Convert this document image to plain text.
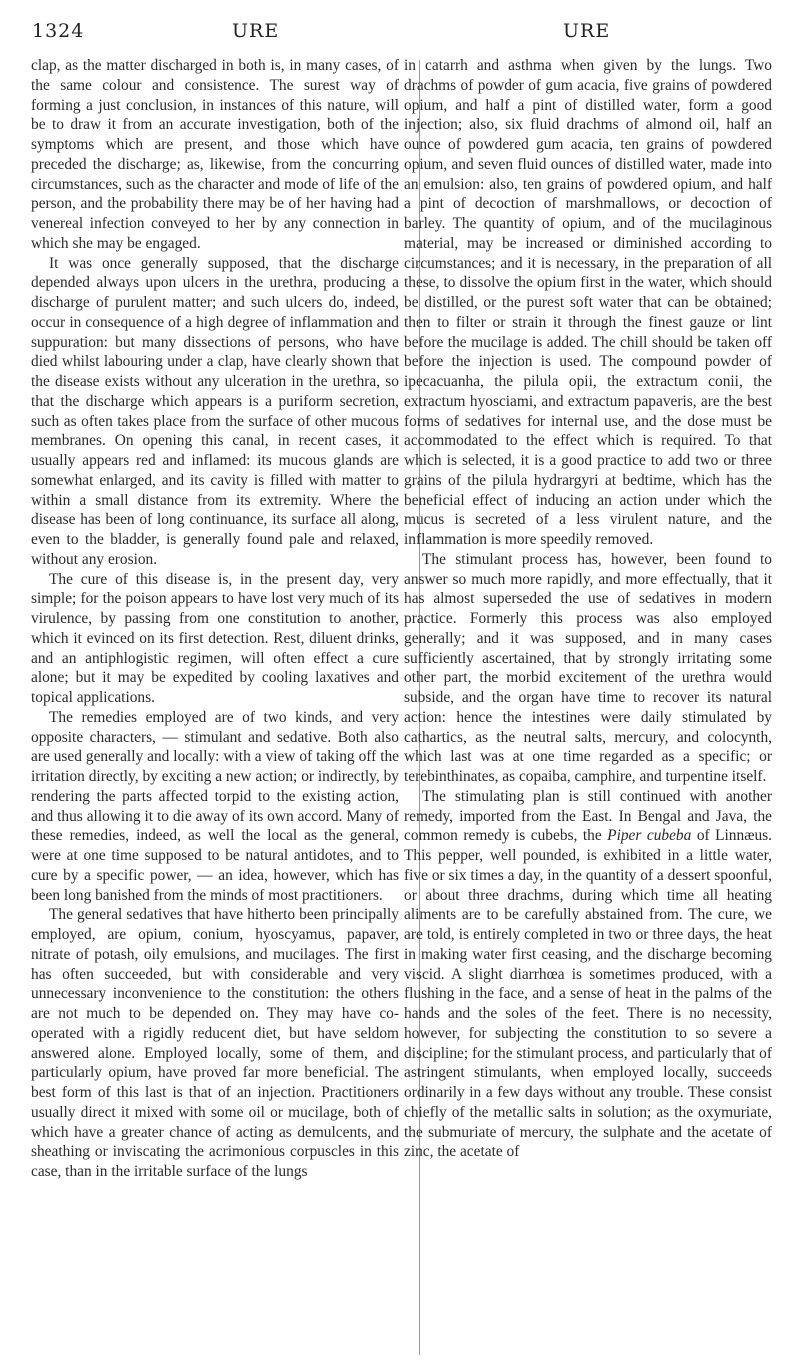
1324	URE	URE

clap, as the matter discharged in both is, in many cases, of the same colour and consistence. The surest way of forming a just conclusion, in instances of this nature, will be to draw it from an accurate investigation, both of the symptoms which are present, and those which have preceded the discharge; as, likewise, from the concurring circumstances, such as the character and mode of life of the person, and the probability there may be of her having had venereal infection conveyed to her by any connection in which she may be engaged.

It was once generally supposed, that the discharge depended always upon ulcers in the urethra, producing a discharge of purulent matter; and such ulcers do, indeed, occur in consequence of a high degree of inflammation and suppuration: but many dissections of persons, who have died whilst labouring under a clap, have clearly shown that the disease exists without any ulceration in the urethra, so that the discharge which appears is a puriform secretion, such as often takes place from the surface of other mucous membranes. On opening this canal, in recent cases, it usually appears red and inflamed: its mucous glands are somewhat enlarged, and its cavity is filled with matter to within a small distance from its extremity. Where the disease has been of long continuance, its surface all along, even to the bladder, is generally found pale and relaxed, without any erosion.

The cure of this disease is, in the present day, very simple; for the poison appears to have lost very much of its virulence, by passing from one constitution to another, which it evinced on its first detection. Rest, diluent drinks, and an antiphlogistic regimen, will often effect a cure alone; but it may be expedited by cooling laxatives and topical applications.

The remedies employed are of two kinds, and very opposite characters, — stimulant and sedative. Both also are used generally and locally: with a view of taking off the irritation directly, by exciting a new action; or indirectly, by rendering the parts affected torpid to the existing action, and thus allowing it to die away of its own accord. Many of these remedies, indeed, as well the local as the general, were at one time supposed to be natural antidotes, and to cure by a specific power, — an idea, however, which has been long banished from the minds of most practitioners.

The general sedatives that have hitherto been principally employed, are opium, conium, hyoscyamus, papaver, nitrate of potash, oily emulsions, and mucilages. The first has often succeeded, but with considerable and very unnecessary inconvenience to the constitution: the others are not much to be depended on. They may have co-operated with a rigidly reducent diet, but have seldom answered alone. Employed locally, some of them, and particularly opium, have proved far more beneficial. The best form of this last is that of an injection. Practitioners usually direct it mixed with some oil or mucilage, both of which have a greater chance of acting as demulcents, and sheathing or inviscating the acrimonious corpuscles in this case, than in the irritable surface of the lungs

in catarrh and asthma when given by the lungs. Two drachms of powder of gum acacia, five grains of powdered opium, and half a pint of distilled water, form a good injection; also, six fluid drachms of almond oil, half an ounce of powdered gum acacia, ten grains of powdered opium, and seven fluid ounces of distilled water, made into an emulsion: also, ten grains of powdered opium, and half a pint of decoction of marshmallows, or decoction of barley. The quantity of opium, and of the mucilaginous material, may be increased or diminished according to circumstances; and it is necessary, in the preparation of all these, to dissolve the opium first in the water, which should be distilled, or the purest soft water that can be obtained; then to filter or strain it through the finest gauze or lint before the mucilage is added. The chill should be taken off before the injection is used. The compound powder of ipecacuanha, the pilula opii, the extractum conii, the extractum hyosciami, and extractum papaveris, are the best forms of sedatives for internal use, and the dose must be accommodated to the effect which is required. To that which is selected, it is a good practice to add two or three grains of the pilula hydrargyri at bedtime, which has the beneficial effect of inducing an action under which the mucus is secreted of a less virulent nature, and the inflammation is more speedily removed.

The stimulant process has, however, been found to answer so much more rapidly, and more effectually, that it has almost superseded the use of sedatives in modern practice. Formerly this process was also employed generally; and it was supposed, and in many cases sufficiently ascertained, that by strongly irritating some other part, the morbid excitement of the urethra would subside, and the organ have time to recover its natural action: hence the intestines were daily stimulated by cathartics, as the neutral salts, mercury, and colocynth, which last was at one time regarded as a specific; or terebinthinates, as copaiba, camphire, and turpentine itself.

The stimulating plan is still continued with another remedy, imported from the East. In Bengal and Java, the common remedy is cubebs, the Piper cubeba of Linnæus. This pepper, well pounded, is exhibited in a little water, five or six times a day, in the quantity of a dessert spoonful, or about three drachms, during which time all heating aliments are to be carefully abstained from. The cure, we are told, is entirely completed in two or three days, the heat in making water first ceasing, and the discharge becoming viscid. A slight diarrhœa is sometimes produced, with a flushing in the face, and a sense of heat in the palms of the hands and the soles of the feet. There is no necessity, however, for subjecting the constitution to so severe a discipline; for the stimulant process, and particularly that of astringent stimulants, when employed locally, succeeds ordinarily in a few days without any trouble. These consist chiefly of the metallic salts in solution; as the oxymuriate, the submuriate of mercury, the sulphate and the acetate of zinc, the acetate of
